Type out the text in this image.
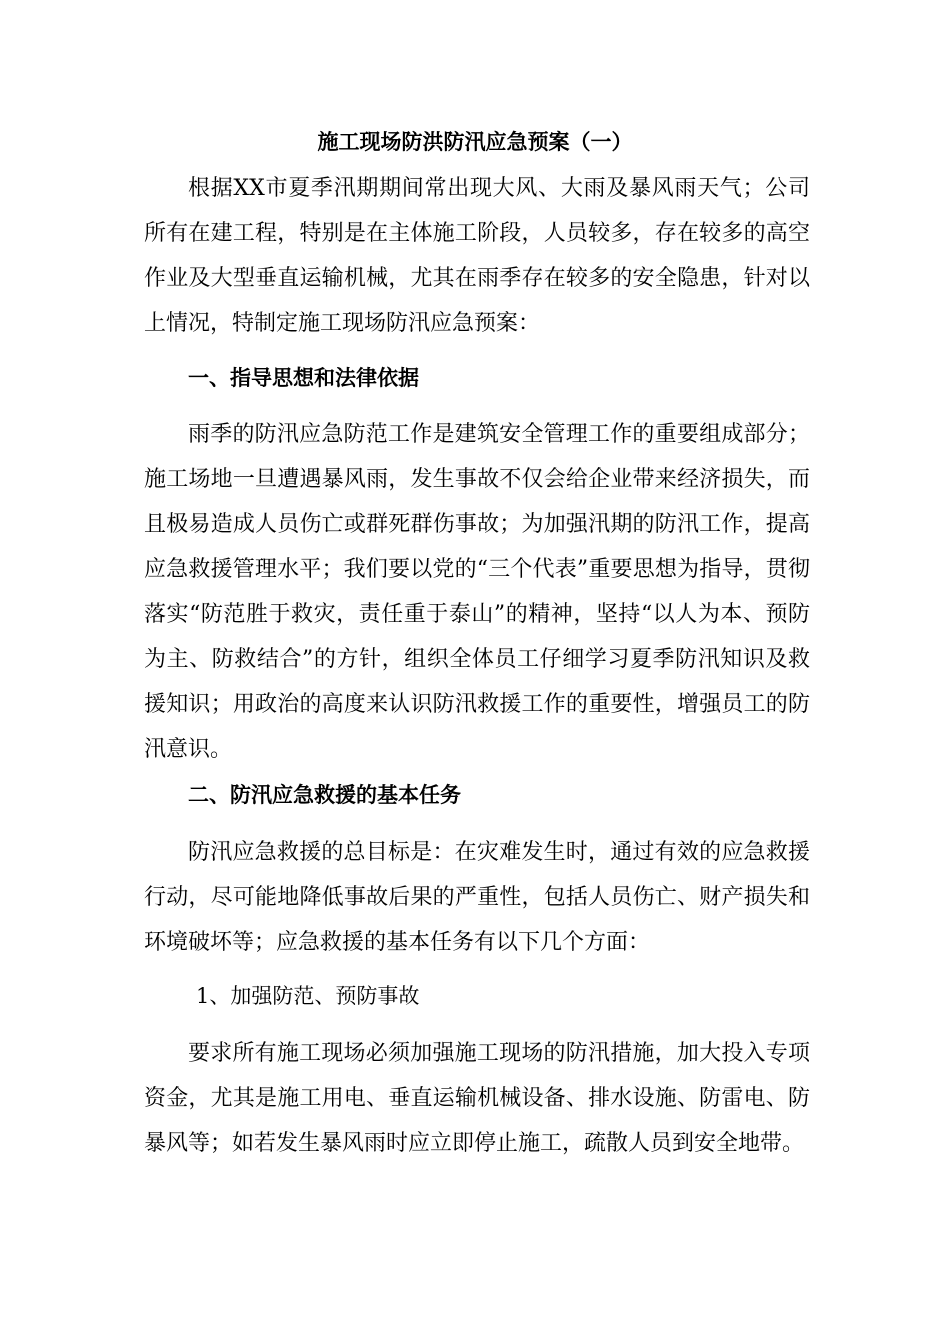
施工现场防洪防汛应急预案（一）

根据XX市夏季汛期期间常出现大风、大雨及暴风雨天气；公司所有在建工程，特别是在主体施工阶段，人员较多，存在较多的高空作业及大型垂直运输机械，尤其在雨季存在较多的安全隐患，针对以上情况，特制定施工现场防汛应急预案：

一、指导思想和法律依据

雨季的防汛应急防范工作是建筑安全管理工作的重要组成部分；施工场地一旦遭遇暴风雨，发生事故不仅会给企业带来经济损失，而且极易造成人员伤亡或群死群伤事故；为加强汛期的防汛工作，提高应急救援管理水平；我们要以党的“三个代表”重要思想为指导，贯彻落实“防范胜于救灾，责任重于泰山”的精神，坚持“以人为本、预防为主、防救结合”的方针，组织全体员工仔细学习夏季防汛知识及救援知识；用政治的高度来认识防汛救援工作的重要性，增强员工的防汛意识。

二、防汛应急救援的基本任务

防汛应急救援的总目标是：在灾难发生时，通过有效的应急救援行动，尽可能地降低事故后果的严重性，包括人员伤亡、财产损失和环境破坏等；应急救援的基本任务有以下几个方面：

1、加强防范、预防事故

要求所有施工现场必须加强施工现场的防汛措施，加大投入专项资金，尤其是施工用电、垂直运输机械设备、排水设施、防雷电、防暴风等；如若发生暴风雨时应立即停止施工，疏散人员到安全地带。
